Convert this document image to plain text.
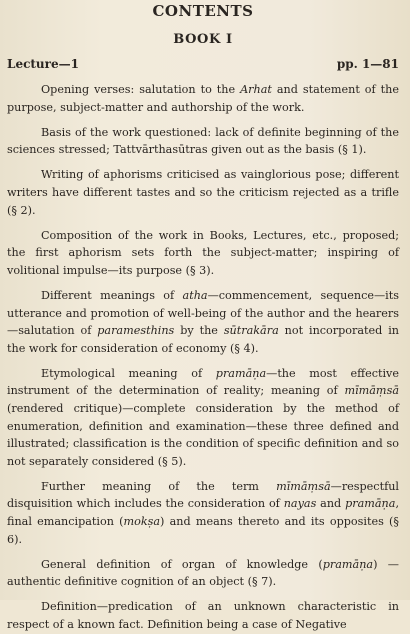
CONTENTS
BOOK I
Lecture—1	pp. 1—81

Opening verses: salutation to the Arhat and statement of the purpose, subject-matter and authorship of the work.

Basis of the work questioned: lack of definite beginning of the sciences stressed; Tattvārthasūtras given out as the basis (§ 1).

Writing of aphorisms criticised as vainglorious pose; different writers have different tastes and so the criticism rejected as a trifle (§ 2).

Composition of the work in Books, Lectures, etc., proposed; the first aphorism sets forth the subject-matter; inspiring of volitional impulse—its purpose (§ 3).

Different meanings of atha—commencement, sequence—its utterance and promotion of well-being of the author and the hearers—salutation of paramesthins by the sūtrakāra not incorporated in the work for consideration of economy (§ 4).

Etymological meaning of pramāṇa—the most effective instrument of the determination of reality; meaning of mīmāṃsā (rendered critique)—complete consideration by the method of enumeration, definition and examination—these three defined and illustrated; classification is the condition of specific definition and so not separately considered (§ 5).

Further meaning of the term mīmāṃsā—respectful disquisition which includes the consideration of nayas and pramāṇa, final emancipation (mokṣa) and means thereto and its opposites (§ 6).

General definition of organ of knowledge (pramāṇa) —authentic definitive cognition of an object (§ 7).

Definition—predication of an unknown characteristic in respect of a known fact. Definition being a case of Negative
